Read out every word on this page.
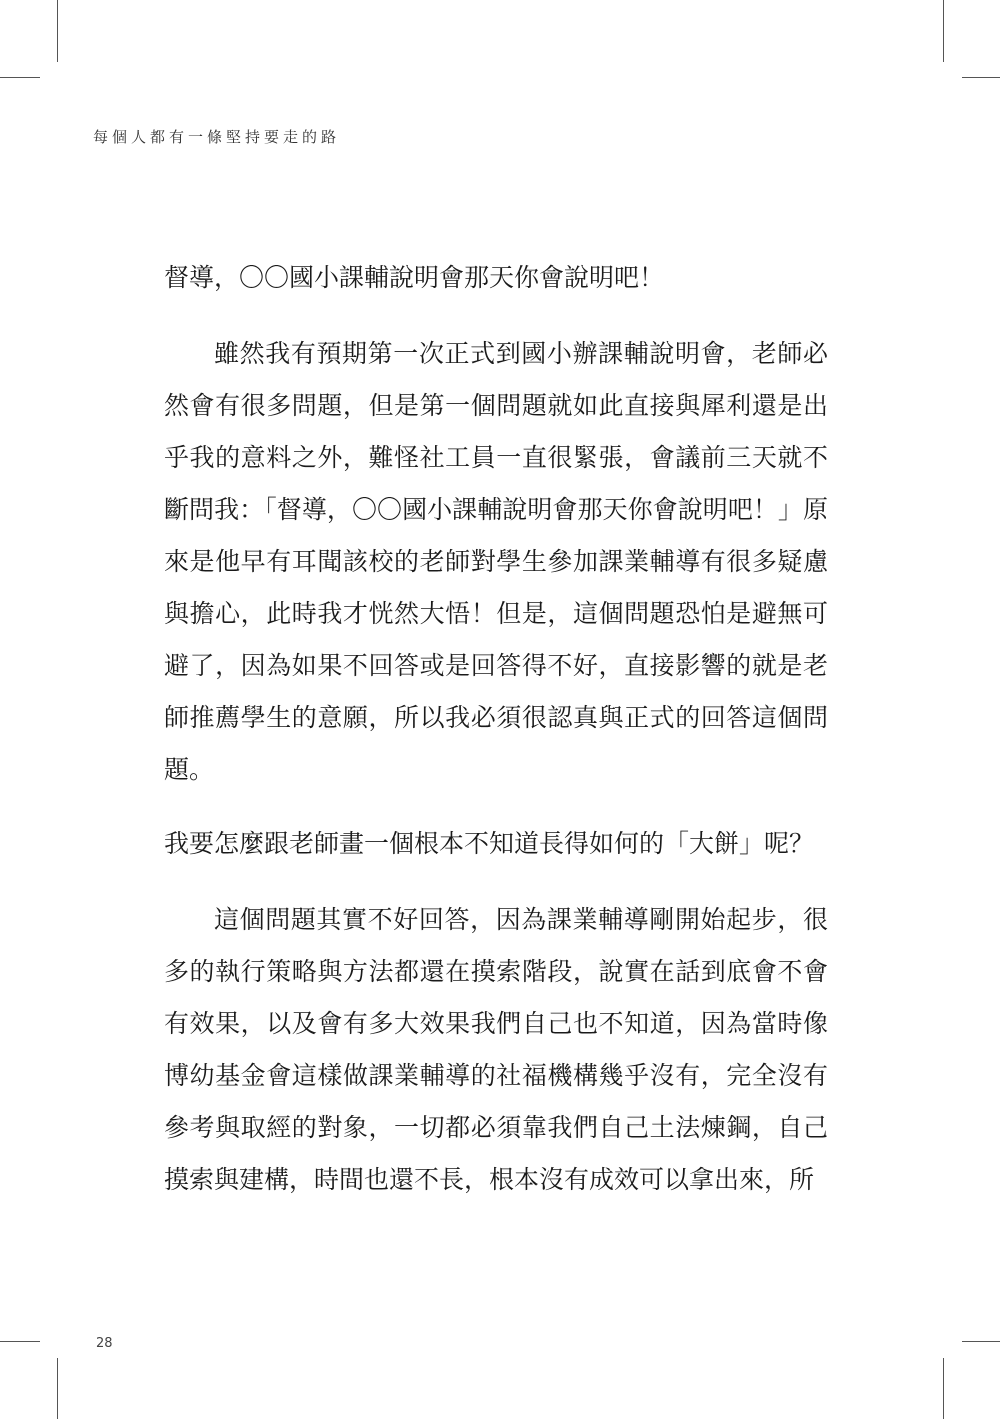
每個人都有一條堅持要走的路

督導，〇〇國小課輔說明會那天你會說明吧！

雖然我有預期第一次正式到國小辦課輔說明會，老師必然會有很多問題，但是第一個問題就如此直接與犀利還是出乎我的意料之外，難怪社工員一直很緊張，會議前三天就不斷問我：「督導，〇〇國小課輔說明會那天你會說明吧！」原來是他早有耳聞該校的老師對學生參加課業輔導有很多疑慮與擔心，此時我才恍然大悟！但是，這個問題恐怕是避無可避了，因為如果不回答或是回答得不好，直接影響的就是老師推薦學生的意願，所以我必須很認真與正式的回答這個問題。

我要怎麼跟老師畫一個根本不知道長得如何的「大餅」呢？

這個問題其實不好回答，因為課業輔導剛開始起步，很多的執行策略與方法都還在摸索階段，說實在話到底會不會有效果，以及會有多大效果我們自己也不知道，因為當時像博幼基金會這樣做課業輔導的社福機構幾乎沒有，完全沒有參考與取經的對象，一切都必須靠我們自己土法煉鋼，自己摸索與建構，時間也還不長，根本沒有成效可以拿出來，所

28
